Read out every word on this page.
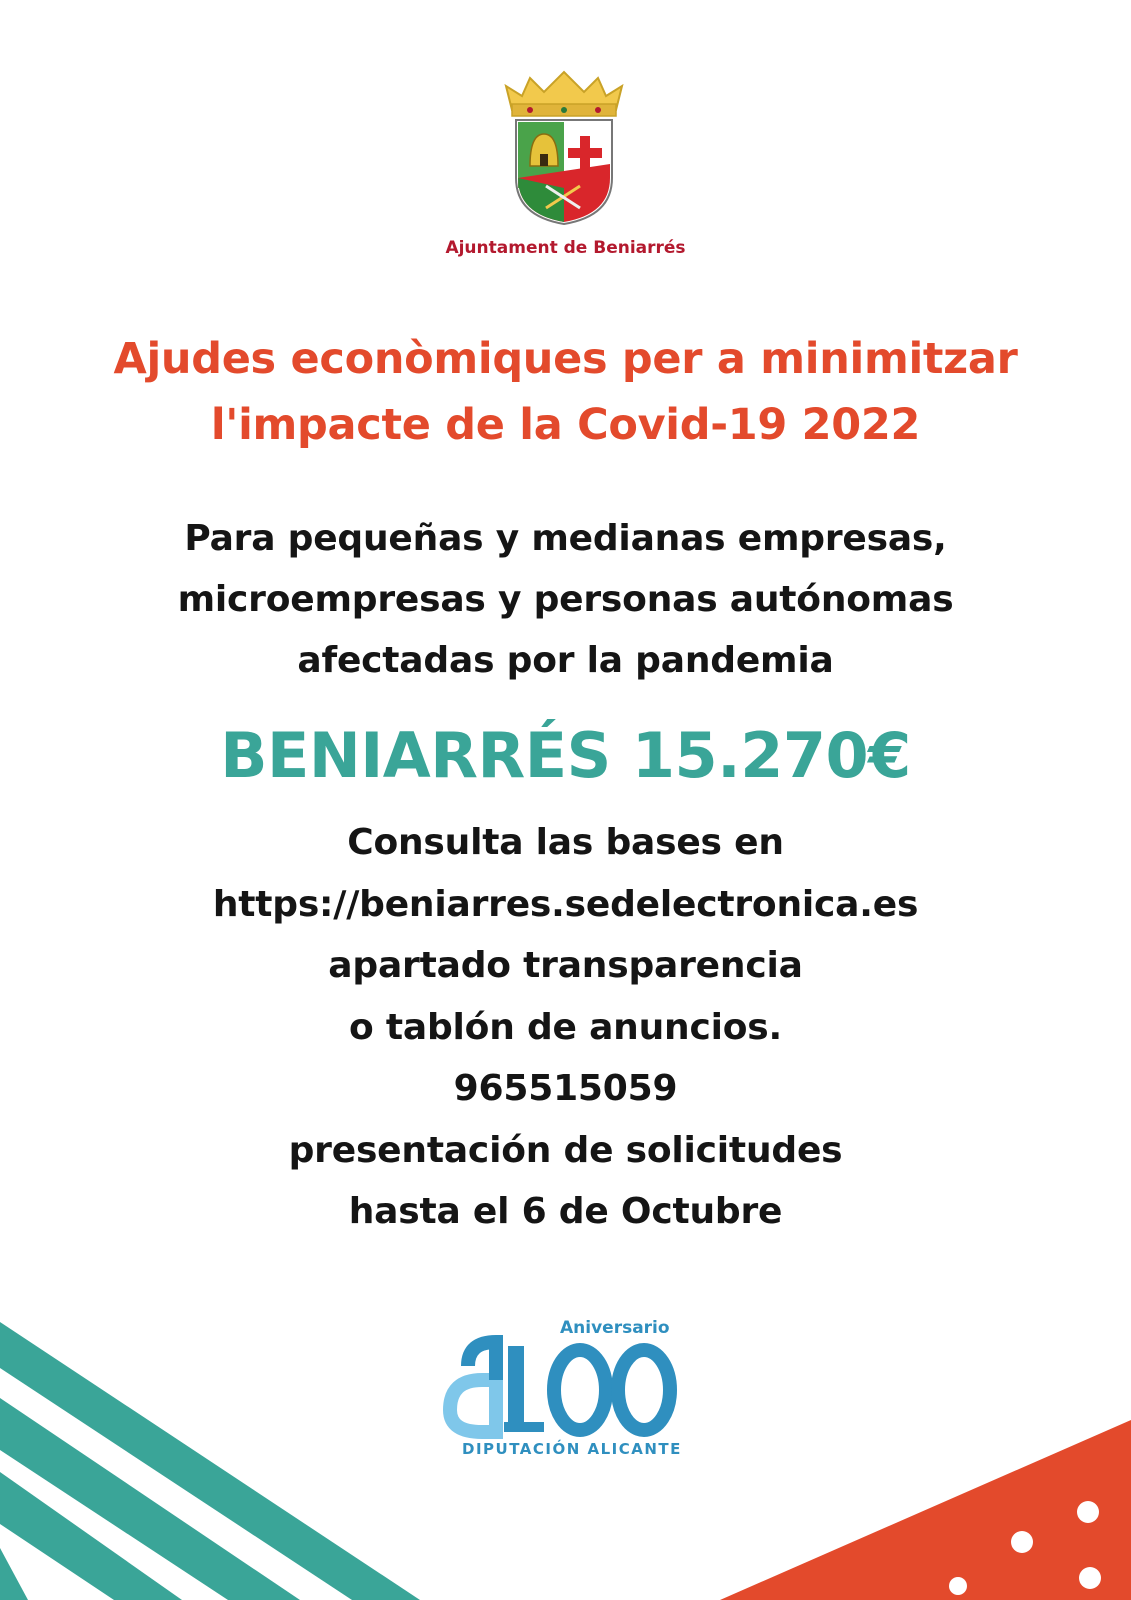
Ajuntament de Beniarrés
Ajudes econòmiques per a minimitzar
l'impacte de la Covid-19 2022
Para pequeñas y medianas empresas,
microempresas y personas autónomas
afectadas por la pandemia
BENIARRÉS 15.270€
Consulta las bases en
https://beniarres.sedelectronica.es
apartado transparencia
o tablón de anuncios.
965515059
presentación de solicitudes
hasta el 6 de Octubre
Aniversario
DIPUTACIÓN ALICANTE
